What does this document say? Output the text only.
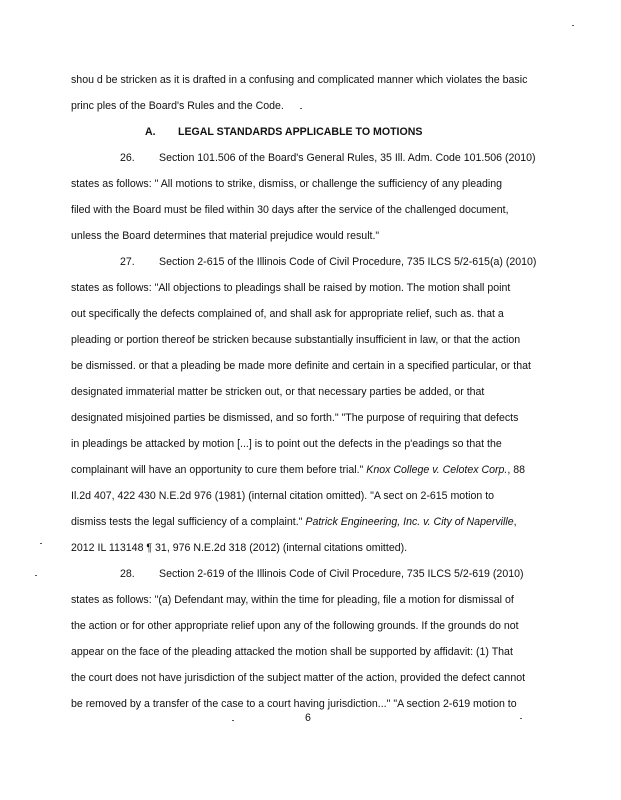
shou d be stricken as it is drafted in a confusing and complicated manner which violates the basic
princ ples of the Board's Rules and the Code.
A. LEGAL STANDARDS APPLICABLE TO MOTIONS
26. Section 101.506 of the Board's General Rules, 35 Ill. Adm. Code 101.506 (2010)
states as follows: " All motions to strike, dismiss, or challenge the sufficiency of any pleading
filed with the Board must be filed within 30 days after the service of the challenged document,
unless the Board determines that material prejudice would result."
27. Section 2-615 of the Illinois Code of Civil Procedure, 735 ILCS 5/2-615(a) (2010)
states as follows: "All objections to pleadings shall be raised by motion. The motion shall point
out specifically the defects complained of, and shall ask for appropriate relief, such as. that a
pleading or portion thereof be stricken because substantially insufficient in law, or that the action
be dismissed. or that a pleading be made more definite and certain in a specified particular, or that
designated immaterial matter be stricken out, or that necessary parties be added, or that
designated misjoined parties be dismissed, and so forth." "The purpose of requiring that defects
in pleadings be attacked by motion [...] is to point out the defects in the p'eadings so that the
complainant will have an opportunity to cure them before trial." Knox College v. Celotex Corp., 88
Il.2d 407, 422 430 N.E.2d 976 (1981) (internal citation omitted). "A sect on 2-615 motion to
dismiss tests the legal sufficiency of a complaint." Patrick Engineering, Inc. v. City of Naperville,
2012 IL 113148 ¶ 31, 976 N.E.2d 318 (2012) (internal citations omitted).
28. Section 2-619 of the Illinois Code of Civil Procedure, 735 ILCS 5/2-619 (2010)
states as follows: "(a) Defendant may, within the time for pleading, file a motion for dismissal of
the action or for other appropriate relief upon any of the following grounds. If the grounds do not
appear on the face of the pleading attacked the motion shall be supported by affidavit: (1) That
the court does not have jurisdiction of the subject matter of the action, provided the defect cannot
be removed by a transfer of the case to a court having jurisdiction..." "A section 2-619 motion to
6
